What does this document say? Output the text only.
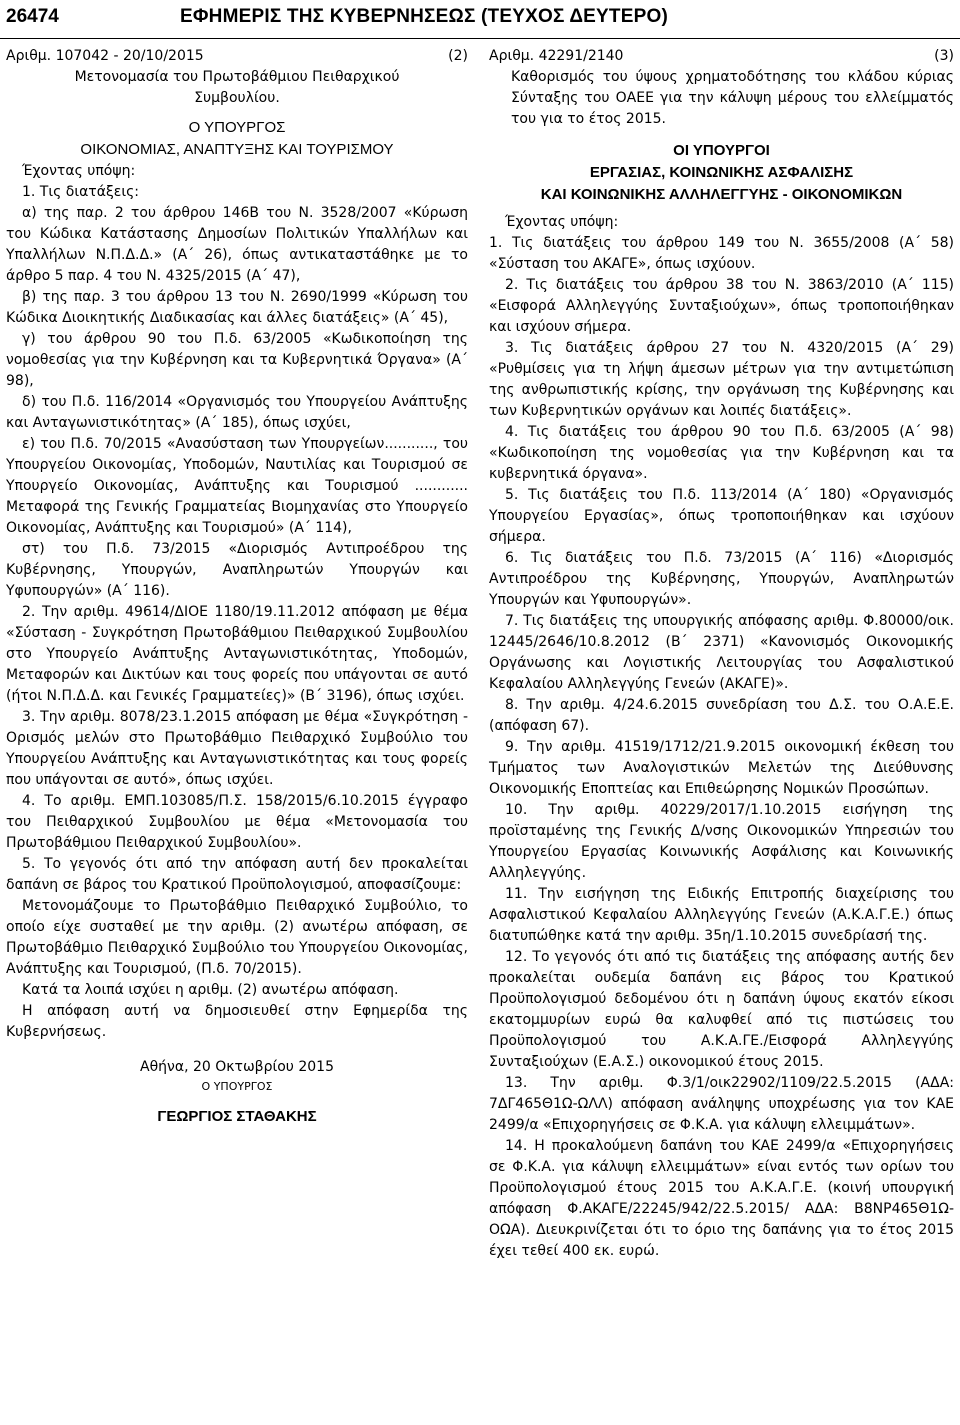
26474	ΕΦΗΜΕΡΙΣ ΤΗΣ ΚΥΒΕΡΝΗΣΕΩΣ (ΤΕΥΧΟΣ ΔΕΥΤΕΡΟ)
Αριθμ. 107042 - 20/10/2015	(2)

Μετονομασία του Πρωτοβάθμιου Πειθαρχικού Συμβουλίου.

Ο ΥΠΟΥΡΓΟΣ

ΟΙΚΟΝΟΜΙΑΣ, ΑΝΑΠΤΥΞΗΣ ΚΑΙ ΤΟΥΡΙΣΜΟΥ

Έχοντας υπόψη:

1. Τις διατάξεις:

α) της παρ. 2 του άρθρου 146Β του Ν. 3528/2007 «Κύρωση του Κώδικα Κατάστασης Δημοσίων Πολιτικών Υπαλλήλων και Υπαλλήλων Ν.Π.Δ.Δ.» (Α΄ 26), όπως αντικαταστάθηκε με το άρθρο 5 παρ. 4 του Ν. 4325/2015 (Α΄ 47),

β) της παρ. 3 του άρθρου 13 του Ν. 2690/1999 «Κύρωση του Κώδικα Διοικητικής Διαδικασίας και άλλες διατάξεις» (Α΄ 45),

γ) του άρθρου 90 του Π.δ. 63/2005 «Κωδικοποίηση της νομοθεσίας για την Κυβέρνηση και τα Κυβερνητικά Όργανα» (Α΄ 98),

δ) του Π.δ. 116/2014 «Οργανισμός του Υπουργείου Ανάπτυξης και Ανταγωνιστικότητας» (Α΄ 185), όπως ισχύει,

ε) του Π.δ. 70/2015 «Ανασύσταση των Υπουργείων..........., του Υπουργείου Οικονομίας, Υποδομών, Ναυτιλίας και Τουρισμού σε Υπουργείο Οικονομίας, Ανάπτυξης και Τουρισμού ............ Μεταφορά της Γενικής Γραμματείας Βιομηχανίας στο Υπουργείο Οικονομίας, Ανάπτυξης και Τουρισμού» (Α΄ 114),

στ) του Π.δ. 73/2015 «Διορισμός Αντιπροέδρου της Κυβέρνησης, Υπουργών, Αναπληρωτών Υπουργών και Υφυπουργών» (Α΄ 116).

2. Την αριθμ. 49614/ΔΙΟΕ 1180/19.11.2012 απόφαση με θέμα «Σύσταση - Συγκρότηση Πρωτοβάθμιου Πειθαρχικού Συμβουλίου στο Υπουργείο Ανάπτυξης Ανταγωνιστικότητας, Υποδομών, Μεταφορών και Δικτύων και τους φορείς που υπάγονται σε αυτό (ήτοι Ν.Π.Δ.Δ. και Γενικές Γραμματείες)» (Β΄ 3196), όπως ισχύει.

3. Την αριθμ. 8078/23.1.2015 απόφαση με θέμα «Συγκρότηση - Ορισμός μελών στο Πρωτοβάθμιο Πειθαρχικό Συμβούλιο του Υπουργείου Ανάπτυξης και Ανταγωνιστικότητας και τους φορείς που υπάγονται σε αυτό», όπως ισχύει.

4. Το αριθμ. ΕΜΠ.103085/Π.Σ. 158/2015/6.10.2015 έγγραφο του Πειθαρχικού Συμβουλίου με θέμα «Μετονομασία του Πρωτοβάθμιου Πειθαρχικού Συμβουλίου».

5. Το γεγονός ότι από την απόφαση αυτή δεν προκαλείται δαπάνη σε βάρος του Κρατικού Προϋπολογισμού, αποφασίζουμε:

Μετονομάζουμε το Πρωτοβάθμιο Πειθαρχικό Συμβούλιο, το οποίο είχε συσταθεί με την αριθμ. (2) ανωτέρω απόφαση, σε Πρωτοβάθμιο Πειθαρχικό Συμβούλιο του Υπουργείου Οικονομίας, Ανάπτυξης και Τουρισμού, (Π.δ. 70/2015).

Κατά τα λοιπά ισχύει η αριθμ. (2) ανωτέρω απόφαση.

Η απόφαση αυτή να δημοσιευθεί στην Εφημερίδα της Κυβερνήσεως.

Αθήνα, 20 Οκτωβρίου 2015

Ο ΥΠΟΥΡΓΟΣ

ΓΕΩΡΓΙΟΣ ΣΤΑΘΑΚΗΣ

Αριθμ. 42291/2140	(3)

Καθορισμός του ύψους χρηματοδότησης του κλάδου κύριας Σύνταξης του ΟΑΕΕ για την κάλυψη μέρους του ελλείμματός του για το έτος 2015.

ΟΙ ΥΠΟΥΡΓΟΙ

ΕΡΓΑΣΙΑΣ, ΚΟΙΝΩΝΙΚΗΣ ΑΣΦΑΛΙΣΗΣ

ΚΑΙ ΚΟΙΝΩΝΙΚΗΣ ΑΛΛΗΛΕΓΓΥΗΣ - ΟΙΚΟΝΟΜΙΚΩΝ

Έχοντας υπόψη:

1. Τις διατάξεις του άρθρου 149 του Ν. 3655/2008 (Α΄ 58) «Σύσταση του ΑΚΑΓΕ», όπως ισχύουν.

2. Τις διατάξεις του άρθρου 38 του Ν. 3863/2010 (Α΄ 115) «Εισφορά Αλληλεγγύης Συνταξιούχων», όπως τροποποιήθηκαν και ισχύουν σήμερα.

3. Τις διατάξεις άρθρου 27 του Ν. 4320/2015 (Α΄ 29) «Ρυθμίσεις για τη λήψη άμεσων μέτρων για την αντιμετώπιση της ανθρωπιστικής κρίσης, την οργάνωση της Κυβέρνησης και των Κυβερνητικών οργάνων και λοιπές διατάξεις».

4. Τις διατάξεις του άρθρου 90 του Π.δ. 63/2005 (Α΄ 98) «Κωδικοποίηση της νομοθεσίας για την Κυβέρνηση και τα κυβερνητικά όργανα».

5. Τις διατάξεις του Π.δ. 113/2014 (Α΄ 180) «Οργανισμός Υπουργείου Εργασίας», όπως τροποποιήθηκαν και ισχύουν σήμερα.

6. Τις διατάξεις του Π.δ. 73/2015 (Α΄ 116) «Διορισμός Αντιπροέδρου της Κυβέρνησης, Υπουργών, Αναπληρωτών Υπουργών και Υφυπουργών».

7. Τις διατάξεις της υπουργικής απόφασης αριθμ. Φ.80000/οικ. 12445/2646/10.8.2012 (Β΄ 2371) «Κανονισμός Οικονομικής Οργάνωσης και Λογιστικής Λειτουργίας του Ασφαλιστικού Κεφαλαίου Αλληλεγγύης Γενεών (ΑΚΑΓΕ)».

8. Την αριθμ. 4/24.6.2015 συνεδρίαση του Δ.Σ. του Ο.Α.Ε.Ε. (απόφαση 67).

9. Την αριθμ. 41519/1712/21.9.2015 οικονομική έκθεση του Τμήματος των Αναλογιστικών Μελετών της Διεύθυνσης Οικονομικής Εποπτείας και Επιθεώρησης Νομικών Προσώπων.

10. Την αριθμ. 40229/2017/1.10.2015 εισήγηση της προϊσταμένης της Γενικής Δ/νσης Οικονομικών Υπηρεσιών του Υπουργείου Εργασίας Κοινωνικής Ασφάλισης και Κοινωνικής Αλληλεγγύης.

11. Την εισήγηση της Ειδικής Επιτροπής διαχείρισης του Ασφαλιστικού Κεφαλαίου Αλληλεγγύης Γενεών (Α.Κ.Α.Γ.Ε.) όπως διατυπώθηκε κατά την αριθμ. 35η/1.10.2015 συνεδρίασή της.

12. Το γεγονός ότι από τις διατάξεις της απόφασης αυτής δεν προκαλείται ουδεμία δαπάνη εις βάρος του Κρατικού Προϋπολογισμού δεδομένου ότι η δαπάνη ύψους εκατόν είκοσι εκατομμυρίων ευρώ θα καλυφθεί από τις πιστώσεις του Προϋπολογισμού του Α.Κ.Α.ΓΕ./Εισφορά Αλληλεγγύης Συνταξιούχων (Ε.Α.Σ.) οικονομικού έτους 2015.

13. Την αριθμ. Φ.3/1/οικ22902/1109/22.5.2015 (ΑΔΑ: 7ΔΓ465Θ1Ω-ΩΛΛ) απόφαση ανάληψης υποχρέωσης για τον ΚΑΕ 2499/α «Επιχορηγήσεις σε Φ.Κ.Α. για κάλυψη ελλειμμάτων».

14. Η προκαλούμενη δαπάνη του ΚΑΕ 2499/α «Επιχορηγήσεις σε Φ.Κ.Α. για κάλυψη ελλειμμάτων» είναι εντός των ορίων του Προϋπολογισμού έτους 2015 του Α.Κ.Α.Γ.Ε. (κοινή υπουργική απόφαση Φ.ΑΚΑΓΕ/22245/942/22.5.2015/ ΑΔΑ: Β8ΝΡ465Θ1Ω-ΟΩΑ). Διευκρινίζεται ότι το όριο της δαπάνης για το έτος 2015 έχει τεθεί 400 εκ. ευρώ.
